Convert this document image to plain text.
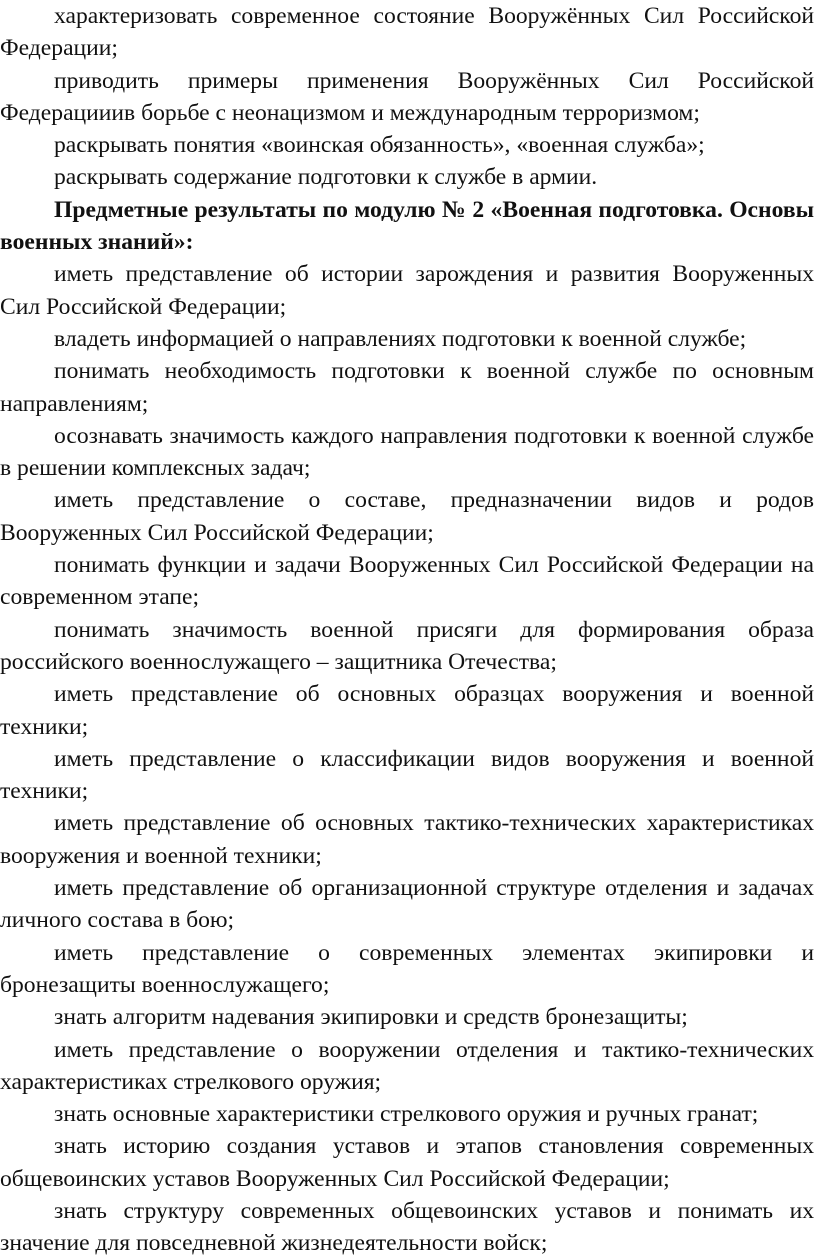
характеризовать современное состояние Вооружённых Сил Российской Федерации;

приводить примеры применения Вооружённых Сил Российской Федерацииив борьбе с неонацизмом и международным терроризмом;

раскрывать понятия «воинская обязанность», «военная служба»;

раскрывать содержание подготовки к службе в армии.

Предметные результаты по модулю № 2 «Военная подготовка. Основы военных знаний»:

иметь представление об истории зарождения и развития Вооруженных Сил Российской Федерации;

владеть информацией о направлениях подготовки к военной службе;

понимать необходимость подготовки к военной службе по основным направлениям;

осознавать значимость каждого направления подготовки к военной службе в решении комплексных задач;

иметь представление о составе, предназначении видов и родов Вооруженных Сил Российской Федерации;

понимать функции и задачи Вооруженных Сил Российской Федерации на современном этапе;

понимать значимость военной присяги для формирования образа российского военнослужащего – защитника Отечества;

иметь представление об основных образцах вооружения и военной техники;

иметь представление о классификации видов вооружения и военной техники;

иметь представление об основных тактико-технических характеристиках вооружения и военной техники;

иметь представление об организационной структуре отделения и задачах личного состава в бою;

иметь представление о современных элементах экипировки и бронезащиты военнослужащего;

знать алгоритм надевания экипировки и средств бронезащиты;

иметь представление о вооружении отделения и тактико-технических характеристиках стрелкового оружия;

знать основные характеристики стрелкового оружия и ручных гранат;

знать историю создания уставов и этапов становления современных общевоинских уставов Вооруженных Сил Российской Федерации;

знать структуру современных общевоинских уставов и понимать их значение для повседневной жизнедеятельности войск;
